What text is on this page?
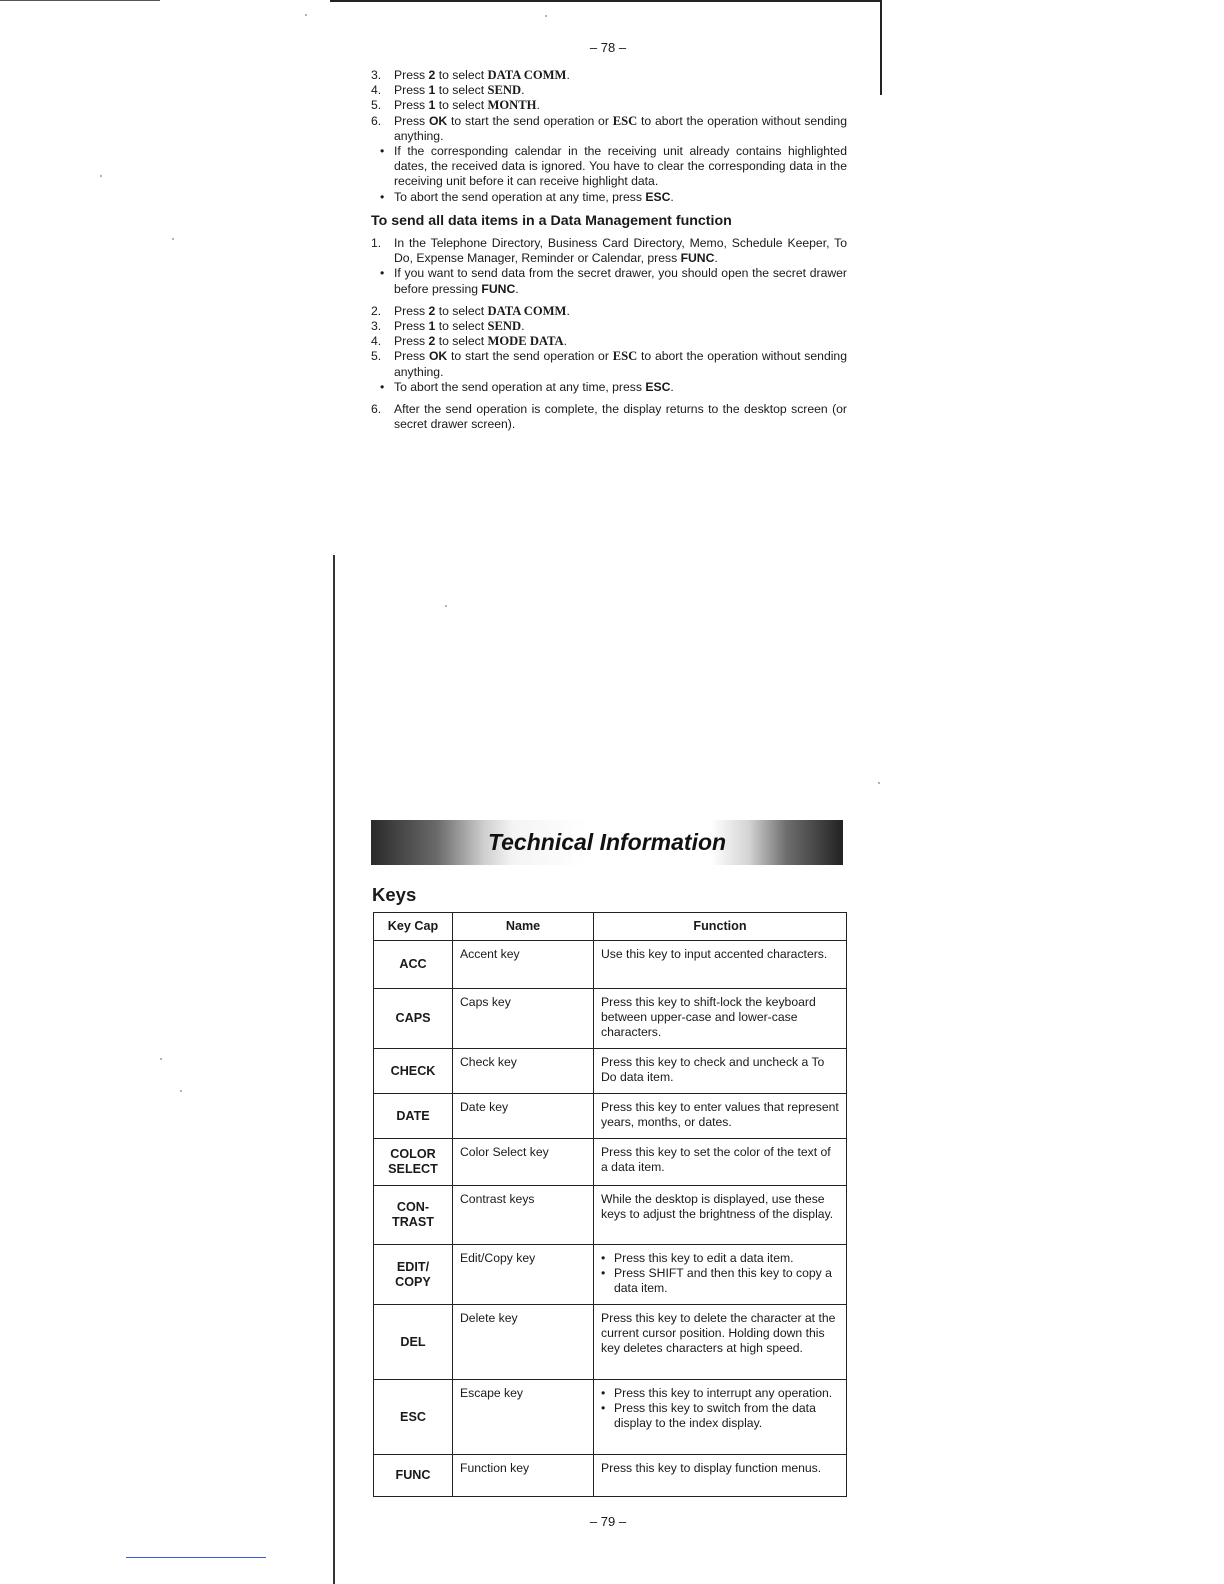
– 78 –
3.	Press 2 to select DATA COMM.
4.	Press 1 to select SEND.
5.	Press 1 to select MONTH.
6.	Press OK to start the send operation or ESC to abort the operation without sending anything.
• If the corresponding calendar in the receiving unit already contains highlighted dates, the received data is ignored. You have to clear the corresponding data in the receiving unit before it can receive highlight data.
• To abort the send operation at any time, press ESC.
To send all data items in a Data Management function
1.	In the Telephone Directory, Business Card Directory, Memo, Schedule Keeper, To Do, Expense Manager, Reminder or Calendar, press FUNC.
• If you want to send data from the secret drawer, you should open the secret drawer before pressing FUNC.
2.	Press 2 to select DATA COMM.
3.	Press 1 to select SEND.
4.	Press 2 to select MODE DATA.
5.	Press OK to start the send operation or ESC to abort the operation without sending anything.
• To abort the send operation at any time, press ESC.
6.	After the send operation is complete, the display returns to the desktop screen (or secret drawer screen).
Technical Information
Keys
Key Cap	Name	Function
ACC	Accent key	Use this key to input accented characters.

CAPS	Caps key	Press this key to shift-lock the keyboard between upper-case and lower-case characters.

CHECK	Check key	Press this key to check and uncheck a To Do data item.

DATE	Date key	Press this key to enter values that represent years, months, or dates.

COLOR SELECT	Color Select key	Press this key to set the color of the text of a data item.

CON-TRAST	Contrast keys	While the desktop is displayed, use these keys to adjust the brightness of the display.

EDIT/ COPY	Edit/Copy key	• Press this key to edit a data item.
• Press SHIFT and then this key to copy a data item.

DEL	Delete key	Press this key to delete the character at the current cursor position. Holding down this key deletes characters at high speed.

ESC	Escape key	• Press this key to interrupt any operation.
• Press this key to switch from the data display to the index display.

FUNC	Function key	Press this key to display function menus.
– 79 –
